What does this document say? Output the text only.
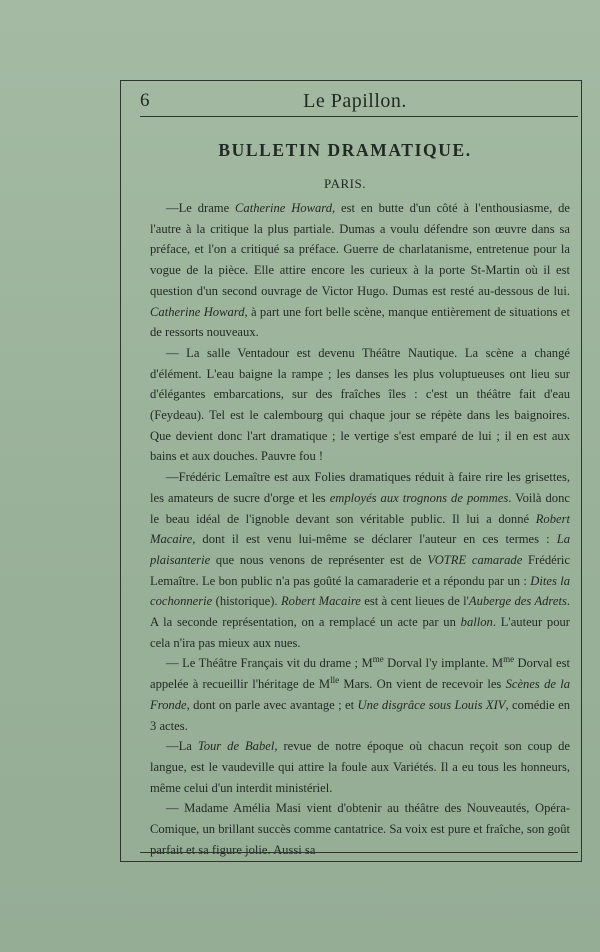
6	Le Papillon.
BULLETIN DRAMATIQUE.
PARIS.

—Le drame Catherine Howard, est en butte d'un côté à l'enthousiasme, de l'autre à la critique la plus partiale. Dumas a voulu défendre son œuvre dans sa préface, et l'on a critiqué sa préface. Guerre de charlatanisme, entretenue pour la vogue de la pièce. Elle attire encore les curieux à la porte St-Martin où il est question d'un second ouvrage de Victor Hugo. Dumas est resté au-dessous de lui. Catherine Howard, à part une fort belle scène, manque entièrement de situations et de ressorts nouveaux.

— La salle Ventadour est devenu Théâtre Nautique. La scène a changé d'élément. L'eau baigne la rampe ; les danses les plus voluptueuses ont lieu sur d'élégantes embarcations, sur des fraîches îles : c'est un théâtre fait d'eau (Feydeau). Tel est le calembourg qui chaque jour se répète dans les baignoires. Que devient donc l'art dramatique ; le vertige s'est emparé de lui ; il en est aux bains et aux douches. Pauvre fou !

—Frédéric Lemaître est aux Folies dramatiques réduit à faire rire les grisettes, les amateurs de sucre d'orge et les employés aux trognons de pommes. Voilà donc le beau idéal de l'ignoble devant son véritable public. Il lui a donné Robert Macaire, dont il est venu lui-même se déclarer l'auteur en ces termes : La plaisanterie que nous venons de représenter est de VOTRE camarade Frédéric Lemaître. Le bon public n'a pas goûté la camaraderie et a répondu par un : Dites la cochonnerie (historique). Robert Macaire est à cent lieues de l'Auberge des Adrets. A la seconde représentation, on a remplacé un acte par un ballon. L'auteur pour cela n'ira pas mieux aux nues.

— Le Théâtre Français vit du drame ; $M^{me}$ Dorval l'y implante. $M^{me}$ Dorval est appelée à recueillir l'héritage de $M^{lle}$ Mars. On vient de recevoir les Scènes de la Fronde, dont on parle avec avantage ; et Une disgrâce sous Louis XIV, comédie en 3 actes.

—La Tour de Babel, revue de notre époque où chacun reçoit son coup de langue, est le vaudeville qui attire la foule aux Variétés. Il a eu tous les honneurs, même celui d'un interdit ministériel.

— Madame Amélia Masi vient d'obtenir au théâtre des Nouveautés, Opéra-Comique, un brillant succès comme cantatrice. Sa voix est pure et fraîche, son goût parfait et sa figure jolie. Aussi sa
